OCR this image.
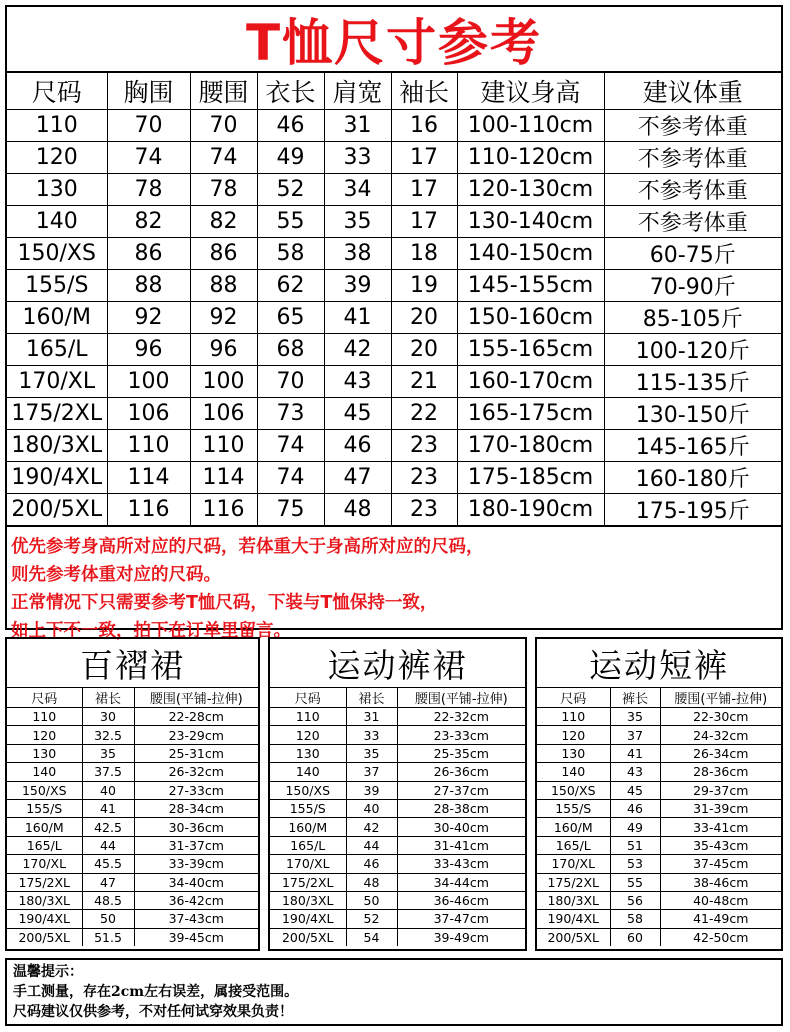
T恤尺寸参考
尺码	胸围	腰围	衣长	肩宽	袖长	建议身高	建议体重
110	70	70	46	31	16	100-110cm	不参考体重
120	74	74	49	33	17	110-120cm	不参考体重
130	78	78	52	34	17	120-130cm	不参考体重
140	82	82	55	35	17	130-140cm	不参考体重
150/XS	86	86	58	38	18	140-150cm	60-75斤
155/S	88	88	62	39	19	145-155cm	70-90斤
160/M	92	92	65	41	20	150-160cm	85-105斤
165/L	96	96	68	42	20	155-165cm	100-120斤
170/XL	100	100	70	43	21	160-170cm	115-135斤
175/2XL	106	106	73	45	22	165-175cm	130-150斤
180/3XL	110	110	74	46	23	170-180cm	145-165斤
190/4XL	114	114	74	47	23	175-185cm	160-180斤
200/5XL	116	116	75	48	23	180-190cm	175-195斤
优先参考身高所对应的尺码，若体重大于身高所对应的尺码，
则先参考体重对应的尺码。
正常情况下只需要参考T恤尺码，下装与T恤保持一致，
如上下不一致，拍下在订单里留言。
百褶裙
尺码	裙长	腰围(平铺-拉伸)
110	30	22-28cm
120	32.5	23-29cm
130	35	25-31cm
140	37.5	26-32cm
150/XS	40	27-33cm
155/S	41	28-34cm
160/M	42.5	30-36cm
165/L	44	31-37cm
170/XL	45.5	33-39cm
175/2XL	47	34-40cm
180/3XL	48.5	36-42cm
190/4XL	50	37-43cm
200/5XL	51.5	39-45cm
运动裤裙
尺码	裙长	腰围(平铺-拉伸)
110	31	22-32cm
120	33	23-33cm
130	35	25-35cm
140	37	26-36cm
150/XS	39	27-37cm
155/S	40	28-38cm
160/M	42	30-40cm
165/L	44	31-41cm
170/XL	46	33-43cm
175/2XL	48	34-44cm
180/3XL	50	36-46cm
190/4XL	52	37-47cm
200/5XL	54	39-49cm
运动短裤
尺码	裤长	腰围(平铺-拉伸)
110	35	22-30cm
120	37	24-32cm
130	41	26-34cm
140	43	28-36cm
150/XS	45	29-37cm
155/S	46	31-39cm
160/M	49	33-41cm
165/L	51	35-43cm
170/XL	53	37-45cm
175/2XL	55	38-46cm
180/3XL	56	40-48cm
190/4XL	58	41-49cm
200/5XL	60	42-50cm
温馨提示：
手工测量，存在2cm左右误差，属接受范围。
尺码建议仅供参考，不对任何试穿效果负责！
